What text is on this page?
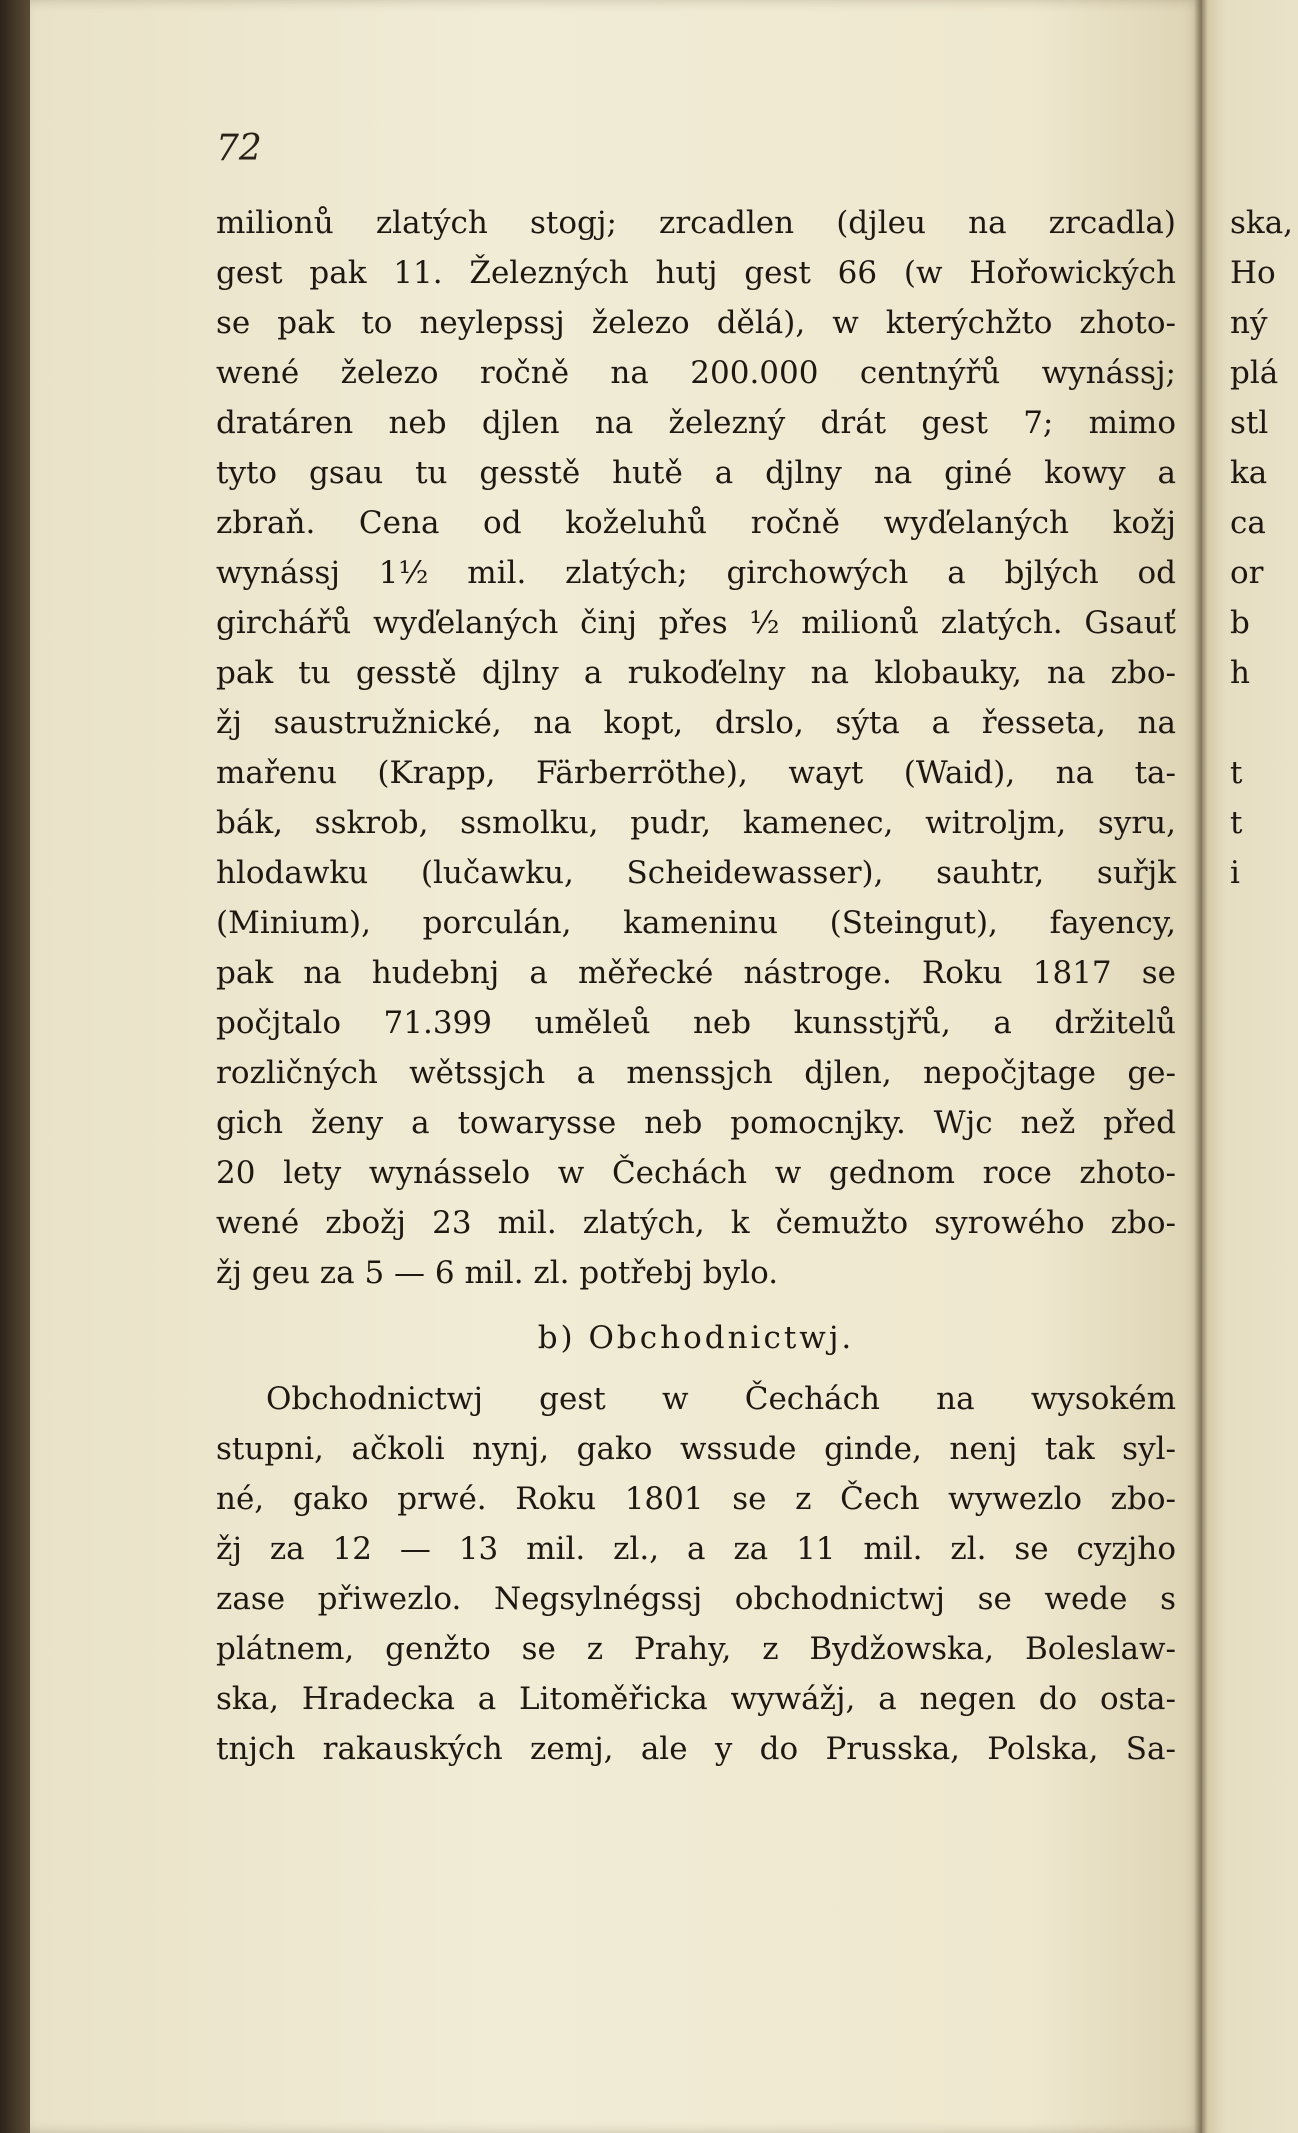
ska,
Ho
ný
plá
stl
ka
ca
or
b
h
t
t
i
72
milionů zlatých stogj; zrcadlen (djleu na zrcadla)
gest pak 11. Železných hutj gest 66 (w Hořowických
se pak to neylepssj železo dělá), w kterýchžto zhoto-
wené železo ročně na 200.000 centnýřů wynássj;
dratáren neb djlen na železný drát gest 7; mimo
tyto gsau tu gesstě hutě a djlny na giné kowy a
zbraň. Cena od koželuhů ročně wyďelaných kožj
wynássj 1½ mil. zlatých; girchowých a bjlých od
girchářů wyďelaných činj přes ½ milionů zlatých. Gsauť
pak tu gesstě djlny a rukoďelny na klobauky, na zbo-
žj saustružnické, na kopt, drslo, sýta a řesseta, na
mařenu (Krapp, Färberröthe), wayt (Waid), na ta-
bák, sskrob, ssmolku, pudr, kamenec, witroljm, syru,
hlodawku (lučawku, Scheidewasser), sauhtr, suřjk
(Minium), porculán, kameninu (Steingut), fayency,
pak na hudebnj a měřecké nástroge. Roku 1817 se
počjtalo 71.399 uměleů neb kunsstjřů, a držitelů
rozličných wětssjch a menssjch djlen, nepočjtage ge-
gich ženy a towarysse neb pomocnjky. Wjc než před
20 lety wynásselo w Čechách w gednom roce zhoto-
wené zbožj 23 mil. zlatých, k čemužto syrowého zbo-
žj geu za 5 — 6 mil. zl. potřebj bylo.
b) Obchodnictwj.
Obchodnictwj gest w Čechách na wysokém
stupni, ačkoli nynj, gako wssude ginde, nenj tak syl-
né, gako prwé. Roku 1801 se z Čech wywezlo zbo-
žj za 12 — 13 mil. zl., a za 11 mil. zl. se cyzjho
zase přiwezlo. Negsylnégssj obchodnictwj se wede s
plátnem, genžto se z Prahy, z Bydžowska, Boleslaw-
ska, Hradecka a Litoměřicka wywážj, a negen do osta-
tnjch rakauských zemj, ale y do Prusska, Polska, Sa-
